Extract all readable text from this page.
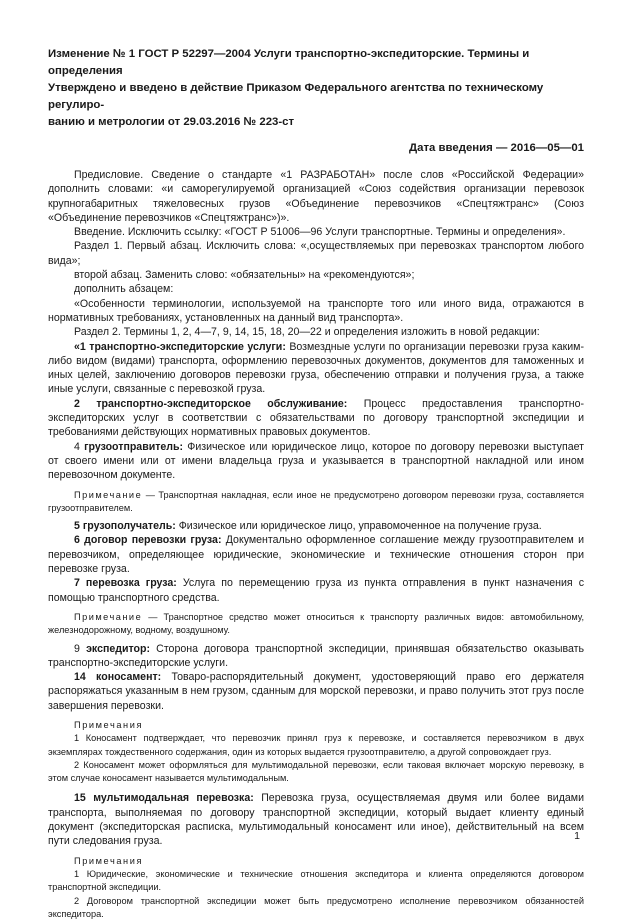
Изменение № 1 ГОСТ Р 52297—2004 Услуги транспортно-экспедиторские. Термины и определения
Утверждено и введено в действие Приказом Федерального агентства по техническому регулиро-
ванию и метрологии от 29.03.2016 № 223-ст
Дата введения — 2016—05—01

Предисловие. Сведение о стандарте «1 РАЗРАБОТАН» после слов «Российской Федерации» дополнить словами: «и саморегулируемой организацией «Союз содействия организации перевозок крупногабаритных тяжеловесных грузов «Объединение перевозчиков «Спецтяжтранс» (Союз «Объединение перевозчиков «Спецтяжтранс»)».

Введение. Исключить ссылку: «ГОСТ Р 51006—96 Услуги транспортные. Термины и определения».

Раздел 1. Первый абзац. Исключить слова: «,осуществляемых при перевозках транспортом любого вида»;

второй абзац. Заменить слово: «обязательны» на «рекомендуются»;

дополнить абзацем:

«Особенности терминологии, используемой на транспорте того или иного вида, отражаются в нормативных требованиях, установленных на данный вид транспорта».

Раздел 2. Термины 1, 2, 4—7, 9, 14, 15, 18, 20—22 и определения изложить в новой редакции:

«1 транспортно-экспедиторские услуги: Возмездные услуги по организации перевозки груза каким-либо видом (видами) транспорта, оформлению перевозочных документов, документов для таможенных и иных целей, заключению договоров перевозки груза, обеспечению отправки и получения груза, а также иные услуги, связанные с перевозкой груза.

2 транспортно-экспедиторское обслуживание: Процесс предоставления транспортно-экспедиторских услуг в соответствии с обязательствами по договору транспортной экспедиции и требованиями действующих нормативных правовых документов.

4 грузоотправитель: Физическое или юридическое лицо, которое по договору перевозки выступает от своего имени или от имени владельца груза и указывается в транспортной накладной или ином перевозочном документе.

Примечание — Транспортная накладная, если иное не предусмотрено договором перевозки груза, составляется грузоотправителем.

5 грузополучатель: Физическое или юридическое лицо, управомоченное на получение груза.

6 договор перевозки груза: Документально оформленное соглашение между грузоотправителем и перевозчиком, определяющее юридические, экономические и технические отношения сторон при перевозке груза.

7 перевозка груза: Услуга по перемещению груза из пункта отправления в пункт назначения с помощью транспортного средства.

Примечание — Транспортное средство может относиться к транспорту различных видов: автомобильному, железнодорожному, водному, воздушному.

9 экспедитор: Сторона договора транспортной экспедиции, принявшая обязательство оказывать транспортно-экспедиторские услуги.

14 коносамент: Товаро-распорядительный документ, удостоверяющий право его держателя распоряжаться указанным в нем грузом, сданным для морской перевозки, и право получить этот груз после завершения перевозки.

Примечания

1 Коносамент подтверждает, что перевозчик принял груз к перевозке, и составляется перевозчиком в двух экземплярах тождественного содержания, один из которых выдается грузоотправителю, а другой сопровождает груз.

2 Коносамент может оформляться для мультимодальной перевозки, если таковая включает морскую перевозку, в этом случае коносамент называется мультимодальным.

15 мультимодальная перевозка: Перевозка груза, осуществляемая двумя или более видами транспорта, выполняемая по договору транспортной экспедиции, который выдает клиенту единый документ (экспедиторская расписка, мультимодальный коносамент или иное), действительный на всем пути следования груза.

Примечания

1 Юридические, экономические и технические отношения экспедитора и клиента определяются договором транспортной экспедиции.

2 Договором транспортной экспедиции может быть предусмотрено исполнение перевозчиком обязанностей экспедитора.

1
